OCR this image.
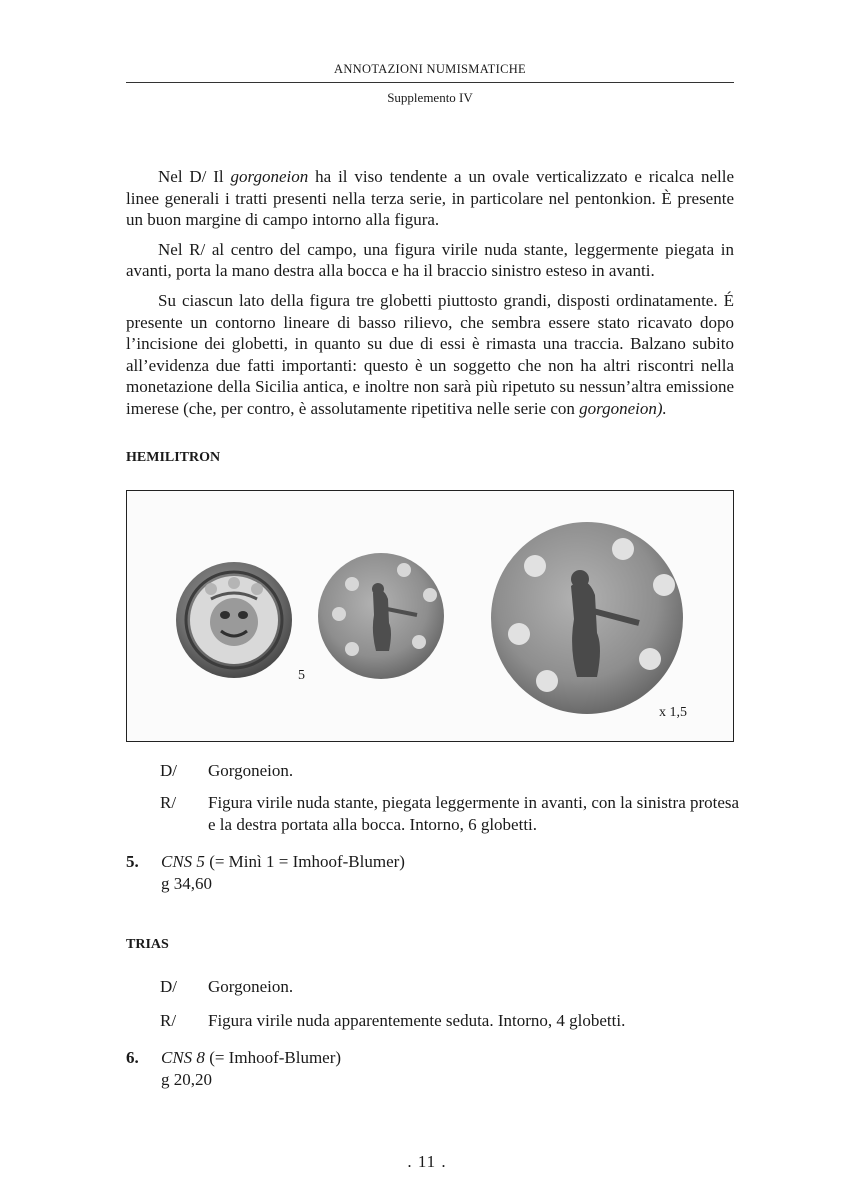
ANNOTAZIONI NUMISMATICHE
Supplemento IV

Nel D/ Il gorgoneion ha il viso tendente a un ovale verticalizzato e ricalca nelle linee generali i tratti presenti nella terza serie, in particolare nel pentonkion. È presente un buon margine di campo intorno alla figura.

Nel R/ al centro del campo, una figura virile nuda stante, leggermente piegata in avanti, porta la mano destra alla bocca e ha il braccio sinistro esteso in avanti.

Su ciascun lato della figura tre globetti piuttosto grandi, disposti ordinatamente. É presente un contorno lineare di basso rilievo, che sembra essere stato ricavato dopo l’incisione dei globetti, in quanto su due di essi è rimasta una traccia. Balzano subito all’evidenza due fatti importanti: questo è un soggetto che non ha altri riscontri nella monetazione della Sicilia antica, e inoltre non sarà più ripetuto su nessun’altra emissione imerese (che, per contro, è assolutamente ripetitiva nelle serie con gorgoneion).

HEMILITRON
5
x 1,5
D/	Gorgoneion.
R/	Figura virile nuda stante, piegata leggermente in avanti, con la sinistra protesa e la destra portata alla bocca. Intorno, 6 globetti.
5. CNS 5 (= Minì 1 = Imhoof-Blumer)
g 34,60
TRIAS
D/	Gorgoneion.
R/	Figura virile nuda apparentemente seduta. Intorno, 4 globetti.
6. CNS 8 (= Imhoof-Blumer)
g 20,20
. 11 .
